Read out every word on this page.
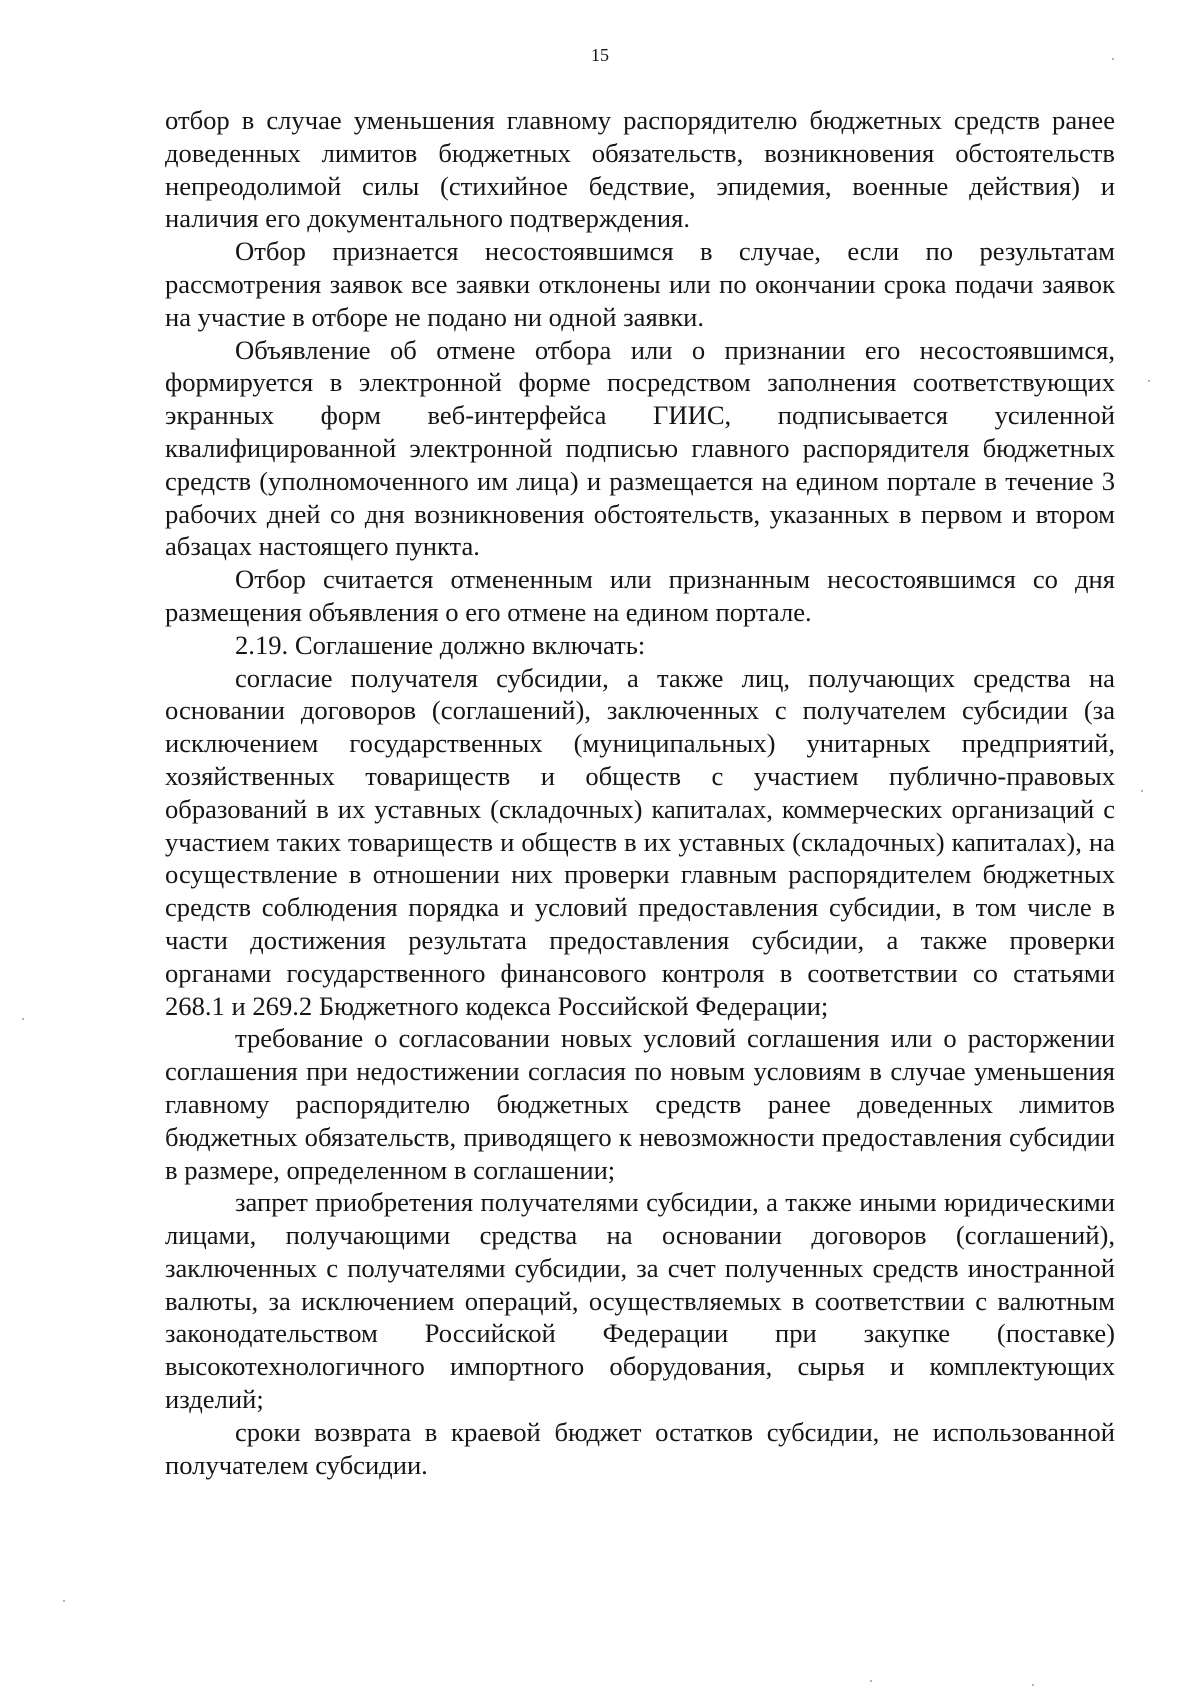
15

отбор в случае уменьшения главному распорядителю бюджетных средств ранее доведенных лимитов бюджетных обязательств, возникновения обстоятельств непреодолимой силы (стихийное бедствие, эпидемия, военные действия) и наличия его документального подтверждения.

Отбор признается несостоявшимся в случае, если по результатам рассмотрения заявок все заявки отклонены или по окончании срока подачи заявок на участие в отборе не подано ни одной заявки.

Объявление об отмене отбора или о признании его несостоявшимся, формируется в электронной форме посредством заполнения соответствующих экранных форм веб-интерфейса ГИИС, подписывается усиленной квалифицированной электронной подписью главного распорядителя бюджетных средств (уполномоченного им лица) и размещается на едином портале в течение 3 рабочих дней со дня возникновения обстоятельств, указанных в первом и втором абзацах настоящего пункта.

Отбор считается отмененным или признанным несостоявшимся со дня размещения объявления о его отмене на едином портале.

2.19. Соглашение должно включать:

согласие получателя субсидии, а также лиц, получающих средства на основании договоров (соглашений), заключенных с получателем субсидии (за исключением государственных (муниципальных) унитарных предприятий, хозяйственных товариществ и обществ с участием публично-правовых образований в их уставных (складочных) капиталах, коммерческих организаций с участием таких товариществ и обществ в их уставных (складочных) капиталах), на осуществление в отношении них проверки главным распорядителем бюджетных средств соблюдения порядка и условий предоставления субсидии, в том числе в части достижения результата предоставления субсидии, а также проверки органами государственного финансового контроля в соответствии со статьями 268.1 и 269.2 Бюджетного кодекса Российской Федерации;

требование о согласовании новых условий соглашения или о расторжении соглашения при недостижении согласия по новым условиям в случае уменьшения главному распорядителю бюджетных средств ранее доведенных лимитов бюджетных обязательств, приводящего к невозможности предоставления субсидии в размере, определенном в соглашении;

запрет приобретения получателями субсидии, а также иными юридическими лицами, получающими средства на основании договоров (соглашений), заключенных с получателями субсидии, за счет полученных средств иностранной валюты, за исключением операций, осуществляемых в соответствии с валютным законодательством Российской Федерации при закупке (поставке) высокотехнологичного импортного оборудования, сырья и комплектующих изделий;

сроки возврата в краевой бюджет остатков субсидии, не использованной получателем субсидии.
